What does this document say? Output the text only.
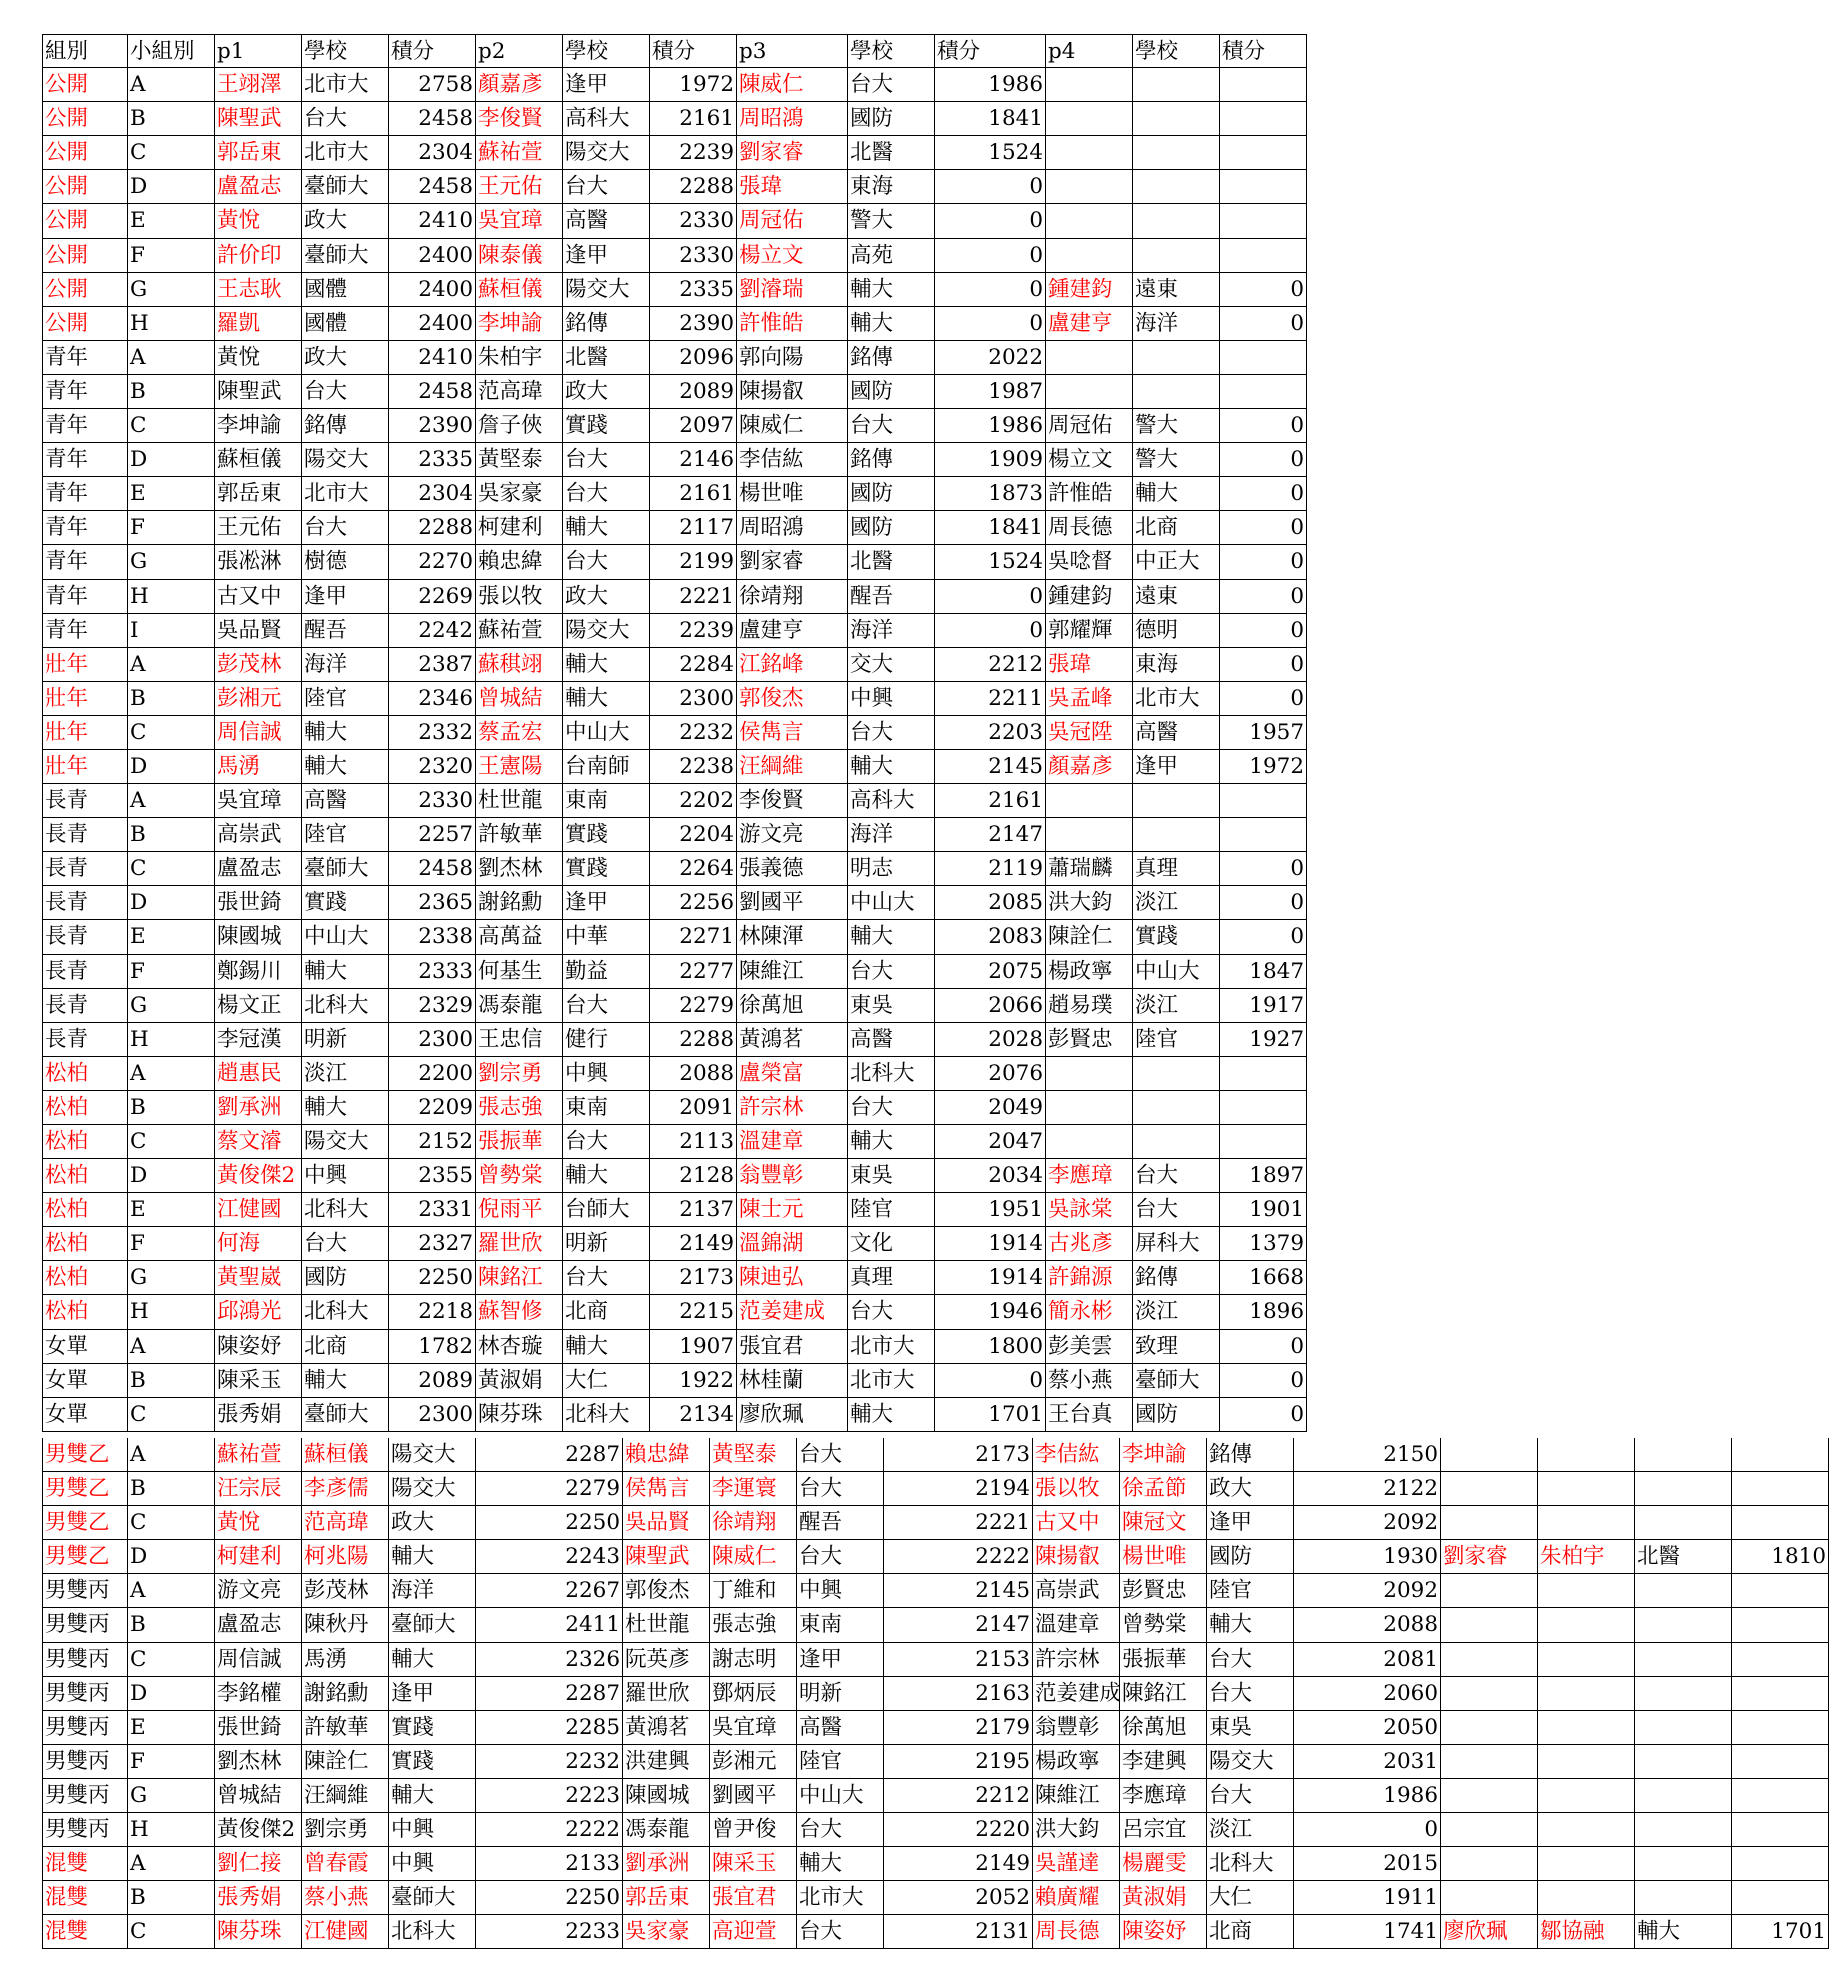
組別	小組別	p1	學校	積分	p2	學校	積分	p3	學校	積分	p4	學校	積分
公開	A	王翊澤	北市大	2758 顏嘉彥	逢甲	1972 陳威仁	台大	1986
公開	B	陳聖武	台大	2458 李俊賢	高科大	2161 周昭鴻	國防	1841
公開	C	郭岳東	北市大	2304 蘇祐萱	陽交大	2239 劉家睿	北醫	1524
公開	D	盧盈志	臺師大	2458 王元佑	台大	2288 張瑋	東海	0
公開	E	黃悅	政大	2410 吳宜璋	高醫	2330 周冠佑	警大	0
公開	F	許价印	臺師大	2400 陳泰儀	逢甲	2330 楊立文	高苑	0
公開	G	王志耿	國體	2400 蘇桓儀	陽交大	2335 劉濬瑞	輔大	0 鍾建鈞	遠東	0
公開	H	羅凱	國體	2400 李坤諭	銘傳	2390 許惟皓	輔大	0 盧建亨	海洋	0
青年	A	黃悅	政大	2410 朱柏宇	北醫	2096 郭向陽	銘傳	2022
青年	B	陳聖武	台大	2458 范高瑋	政大	2089 陳揚叡	國防	1987
青年	C	李坤諭	銘傳	2390 詹子俠	實踐	2097 陳威仁	台大	1986 周冠佑	警大	0
青年	D	蘇桓儀	陽交大	2335 黃堅泰	台大	2146 李佶紘	銘傳	1909 楊立文	警大	0
青年	E	郭岳東	北市大	2304 吳家豪	台大	2161 楊世唯	國防	1873 許惟皓	輔大	0
青年	F	王元佑	台大	2288 柯建利	輔大	2117 周昭鴻	國防	1841 周長德	北商	0
青年	G	張凇淋	樹德	2270 賴忠緯	台大	2199 劉家睿	北醫	1524 吳唸督	中正大	0
青年	H	古又中	逢甲	2269 張以牧	政大	2221 徐靖翔	醒吾	0 鍾建鈞	遠東	0
青年	I	吳品賢	醒吾	2242 蘇祐萱	陽交大	2239 盧建亨	海洋	0 郭耀輝	德明	0
壯年	A	彭茂林	海洋	2387 蘇稘翊	輔大	2284 江銘峰	交大	2212 張瑋	東海	0
壯年	B	彭湘元	陸官	2346 曾城結	輔大	2300 郭俊杰	中興	2211 吳孟峰	北市大	0
壯年	C	周信誠	輔大	2332 蔡孟宏	中山大	2232 侯雋言	台大	2203 吳冠陞	高醫	1957
壯年	D	馬湧	輔大	2320 王憲陽	台南師	2238 汪綱維	輔大	2145 顏嘉彥	逢甲	1972
長青	A	吳宜璋	高醫	2330 杜世龍	東南	2202 李俊賢	高科大	2161
長青	B	高崇武	陸官	2257 許敏華	實踐	2204 游文亮	海洋	2147
長青	C	盧盈志	臺師大	2458 劉杰林	實踐	2264 張義德	明志	2119 蕭瑞麟	真理	0
長青	D	張世錡	實踐	2365 謝銘勳	逢甲	2256 劉國平	中山大	2085 洪大鈞	淡江	0
長青	E	陳國城	中山大	2338 高萬益	中華	2271 林陳渾	輔大	2083 陳詮仁	實踐	0
長青	F	鄭錫川	輔大	2333 何基生	勤益	2277 陳維江	台大	2075 楊政寧	中山大	1847
長青	G	楊文正	北科大	2329 馮泰龍	台大	2279 徐萬旭	東吳	2066 趙易璞	淡江	1917
長青	H	李冠漢	明新	2300 王忠信	健行	2288 黃鴻茗	高醫	2028 彭賢忠	陸官	1927
松柏	A	趙惠民	淡江	2200 劉宗勇	中興	2088 盧榮富	北科大	2076
松柏	B	劉承洲	輔大	2209 張志強	東南	2091 許宗林	台大	2049
松柏	C	蔡文濬	陽交大	2152 張振華	台大	2113 溫建章	輔大	2047
松柏	D	黃俊傑2 中興	2355 曾勢棠	輔大	2128 翁豐彰	東吳	2034 李應璋	台大	1897
松柏	E	江健國	北科大	2331 倪雨平	台師大	2137 陳士元	陸官	1951 吳詠棠	台大	1901
松柏	F	何海	台大	2327 羅世欣	明新	2149 溫錦湖	文化	1914 古兆彥	屏科大	1379
松柏	G	黃聖崴	國防	2250 陳銘江	台大	2173 陳迪弘	真理	1914 許錦源	銘傳	1668
松柏	H	邱鴻光	北科大	2218 蘇智修	北商	2215 范姜建成	台大	1946 簡永彬	淡江	1896
女單	A	陳姿妤	北商	1782 林杏璇	輔大	1907 張宜君	北市大	1800 彭美雲	致理	0
女單	B	陳采玉	輔大	2089 黃淑娟	大仁	1922 林桂蘭	北市大	0 蔡小燕	臺師大	0
女單	C	張秀娟	臺師大	2300 陳芬珠	北科大	2134 廖欣珮	輔大	1701 王台真	國防	0
男雙乙 A	蘇祐萱	蘇桓儀	陽交大	2287 賴忠緯	黃堅泰	台大	2173 李佶紘	李坤諭	銘傳	2150
男雙乙 B	汪宗辰	李彥儒	陽交大	2279 侯雋言	李運寰	台大	2194 張以牧	徐孟節	政大	2122
男雙乙 C	黃悅	范高瑋	政大	2250 吳品賢	徐靖翔	醒吾	2221 古又中	陳冠文	逢甲	2092
男雙乙 D	柯建利	柯兆陽	輔大	2243 陳聖武	陳威仁	台大	2222 陳揚叡	楊世唯	國防	1930 劉家睿	朱柏宇	北醫	1810
男雙丙 A	游文亮	彭茂林	海洋	2267 郭俊杰	丁維和	中興	2145 高崇武	彭賢忠	陸官	2092
男雙丙 B	盧盈志	陳秋丹	臺師大	2411 杜世龍	張志強	東南	2147 溫建章	曾勢棠	輔大	2088
男雙丙 C	周信誠	馬湧	輔大	2326 阮英彥	謝志明	逢甲	2153 許宗林	張振華	台大	2081
男雙丙 D	李銘權	謝銘勳	逢甲	2287 羅世欣	鄧炳辰	明新	2163 范姜建成 陳銘江	台大	2060
男雙丙 E	張世錡	許敏華	實踐	2285 黃鴻茗	吳宜璋	高醫	2179 翁豐彰	徐萬旭	東吳	2050
男雙丙 F	劉杰林	陳詮仁	實踐	2232 洪建興	彭湘元	陸官	2195 楊政寧	李建興	陽交大	2031
男雙丙 G	曾城結	汪綱維	輔大	2223 陳國城	劉國平	中山大	2212 陳維江	李應璋	台大	1986
男雙丙 H	黃俊傑2 劉宗勇	中興	2222 馮泰龍	曾尹俊	台大	2220 洪大鈞	呂宗宜	淡江	0
混雙	A	劉仁接	曾春霞	中興	2133 劉承洲	陳采玉	輔大	2149 吳謹達	楊麗雯	北科大	2015
混雙	B	張秀娟	蔡小燕	臺師大	2250 郭岳東	張宜君	北市大	2052 賴廣耀	黃淑娟	大仁	1911
混雙	C	陳芬珠	江健國	北科大	2233 吳家豪	高迎萱	台大	2131 周長德	陳姿妤	北商	1741 廖欣珮	鄒協融	輔大	1701
